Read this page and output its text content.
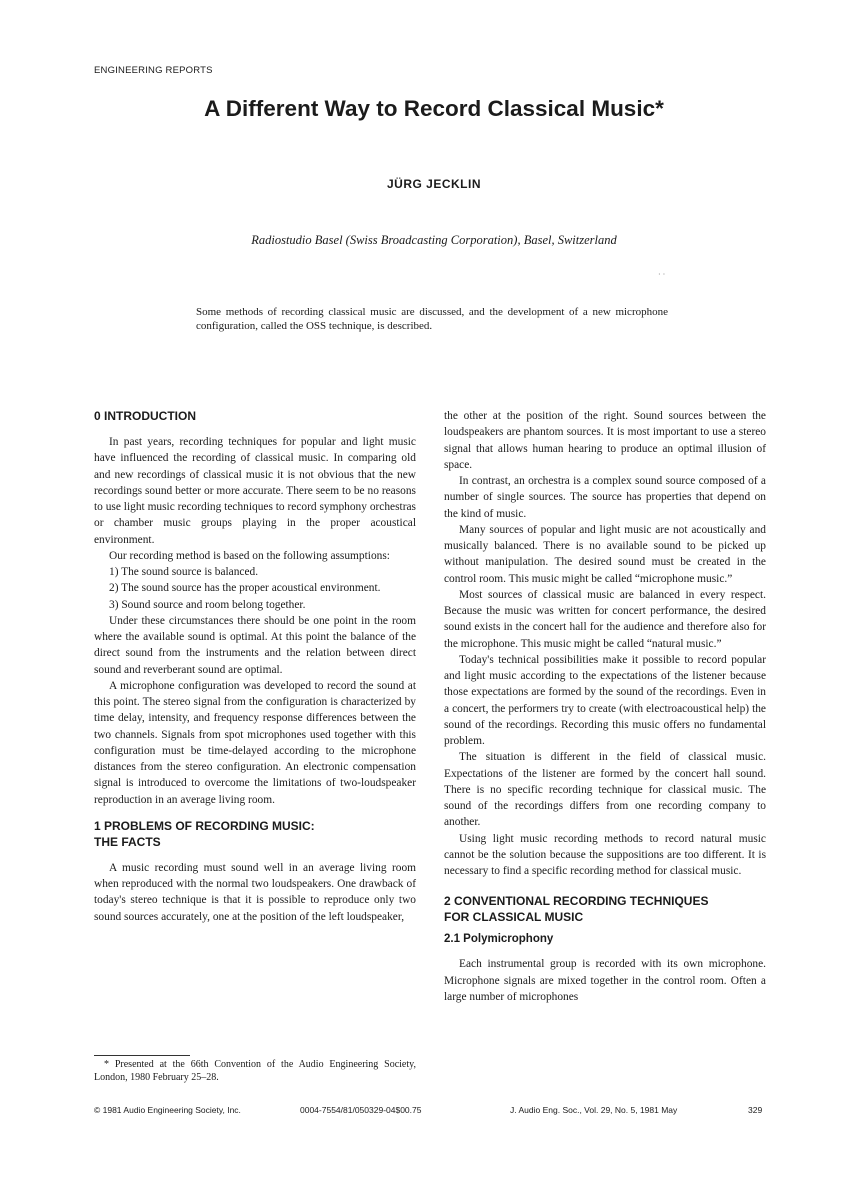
ENGINEERING REPORTS
A Different Way to Record Classical Music*
JÜRG JECKLIN
Radiostudio Basel (Swiss Broadcasting Corporation), Basel, Switzerland
· ·
Some methods of recording classical music are discussed, and the development of a new microphone configuration, called the OSS technique, is described.
0 INTRODUCTION

In past years, recording techniques for popular and light music have influenced the recording of classical music. In comparing old and new recordings of classical music it is not obvious that the new recordings sound better or more accurate. There seem to be no reasons to use light music recording techniques to record symphony orchestras or chamber music groups playing in the proper acoustical environment.

Our recording method is based on the following assumptions:

1) The sound source is balanced.

2) The sound source has the proper acoustical environment.

3) Sound source and room belong together.

Under these circumstances there should be one point in the room where the available sound is optimal. At this point the balance of the direct sound from the instruments and the relation between direct sound and reverberant sound are optimal.

A microphone configuration was developed to record the sound at this point. The stereo signal from the configuration is characterized by time delay, intensity, and frequency response differences between the two channels. Signals from spot microphones used together with this configuration must be time-delayed according to the microphone distances from the stereo configuration. An electronic compensation signal is introduced to overcome the limitations of two-loudspeaker reproduction in an average living room.

1 PROBLEMS OF RECORDING MUSIC:
THE FACTS

A music recording must sound well in an average living room when reproduced with the normal two loudspeakers. One drawback of today's stereo technique is that it is possible to reproduce only two sound sources accurately, one at the position of the left loudspeaker,

* Presented at the 66th Convention of the Audio Engineering Society, London, 1980 February 25–28.

the other at the position of the right. Sound sources between the loudspeakers are phantom sources. It is most important to use a stereo signal that allows human hearing to produce an optimal illusion of space.

In contrast, an orchestra is a complex sound source composed of a number of single sources. The source has properties that depend on the kind of music.

Many sources of popular and light music are not acoustically and musically balanced. There is no available sound to be picked up without manipulation. The desired sound must be created in the control room. This music might be called “microphone music.”

Most sources of classical music are balanced in every respect. Because the music was written for concert performance, the desired sound exists in the concert hall for the audience and therefore also for the microphone. This music might be called “natural music.”

Today's technical possibilities make it possible to record popular and light music according to the expectations of the listener because those expectations are formed by the sound of the recordings. Even in a concert, the performers try to create (with electroacoustical help) the sound of the recordings. Recording this music offers no fundamental problem.

The situation is different in the field of classical music. Expectations of the listener are formed by the concert hall sound. There is no specific recording technique for classical music. The sound of the recordings differs from one recording company to another.

Using light music recording methods to record natural music cannot be the solution because the suppositions are too different. It is necessary to find a specific recording method for classical music.

2 CONVENTIONAL RECORDING TECHNIQUES
FOR CLASSICAL MUSIC
2.1 Polymicrophony

Each instrumental group is recorded with its own microphone. Microphone signals are mixed together in the control room. Often a large number of microphones

© 1981 Audio Engineering Society, Inc.	0004-7554/81/050329-04$00.75	J. Audio Eng. Soc., Vol. 29, No. 5, 1981 May	329
